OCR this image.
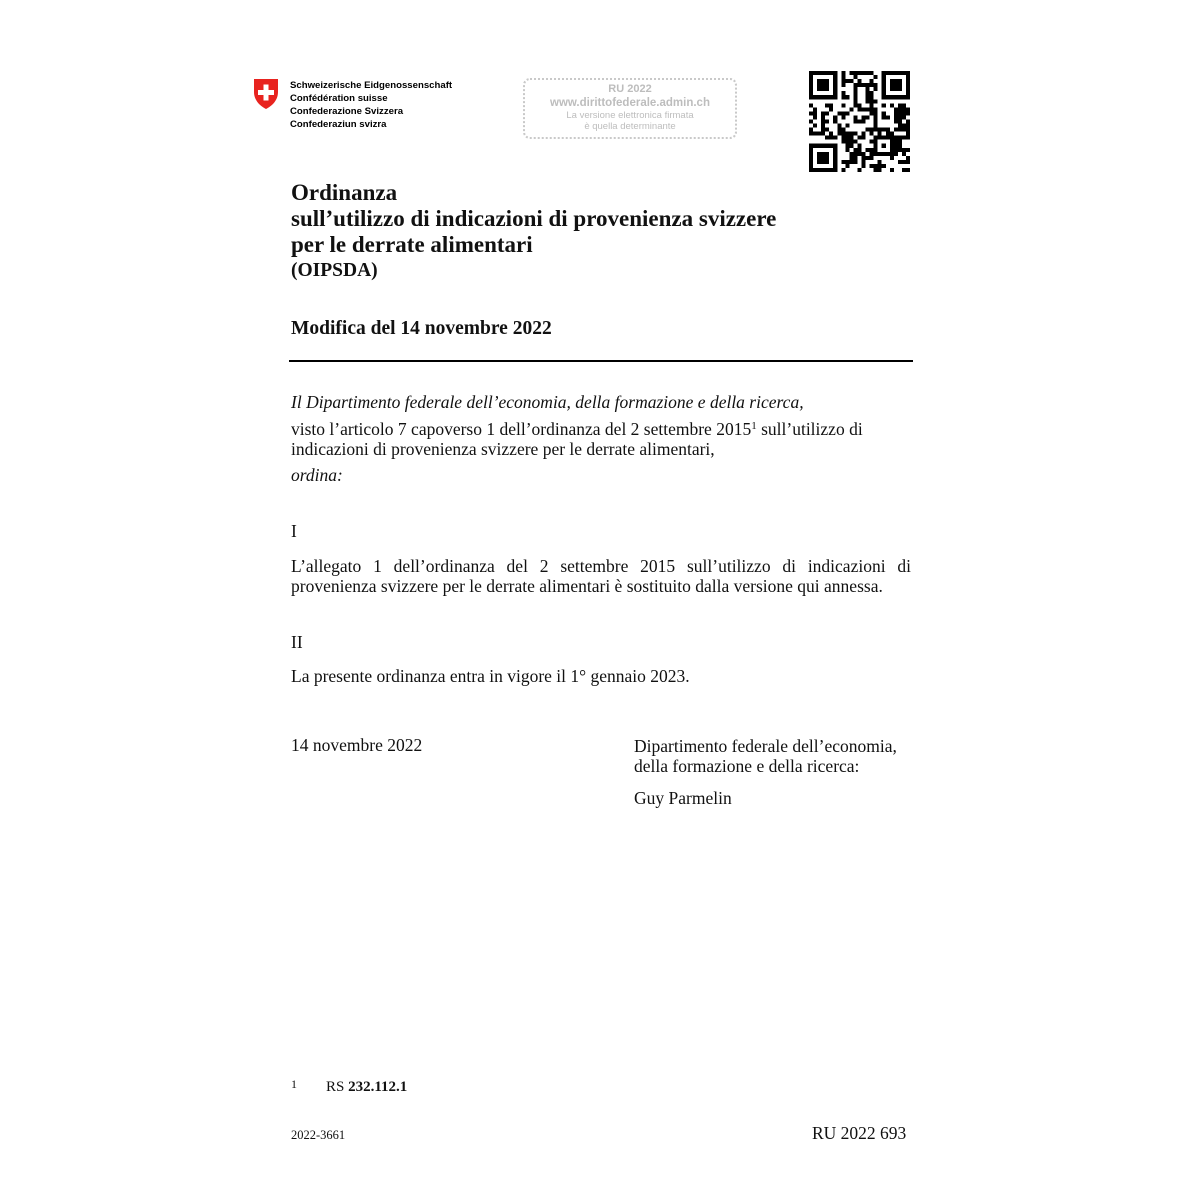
Schweizerische Eidgenossenschaft
Confédération suisse
Confederazione Svizzera
Confederaziun svizra
RU 2022
www.dirittofederale.admin.ch
La versione elettronica firmata
è quella determinante
Ordinanza
sull’utilizzo di indicazioni di provenienza svizzere
per le derrate alimentari
(OIPSDA)
Modifica del 14 novembre 2022
Il Dipartimento federale dell’economia, della formazione e della ricerca,
visto l’articolo 7 capoverso 1 dell’ordinanza del 2 settembre 2015$^1$ sull’utilizzo di indicazioni di provenienza svizzere per le derrate alimentari,
ordina:
I
L’allegato 1 dell’ordinanza del 2 settembre 2015 sull’utilizzo di indicazioni di provenienza svizzere per le derrate alimentari è sostituito dalla versione qui annessa.
II
La presente ordinanza entra in vigore il 1° gennaio 2023.
14 novembre 2022	Dipartimento federale dell’economia,
della formazione e della ricerca:
Guy Parmelin
1 RS 232.112.1
2022-3661	RU 2022 693
